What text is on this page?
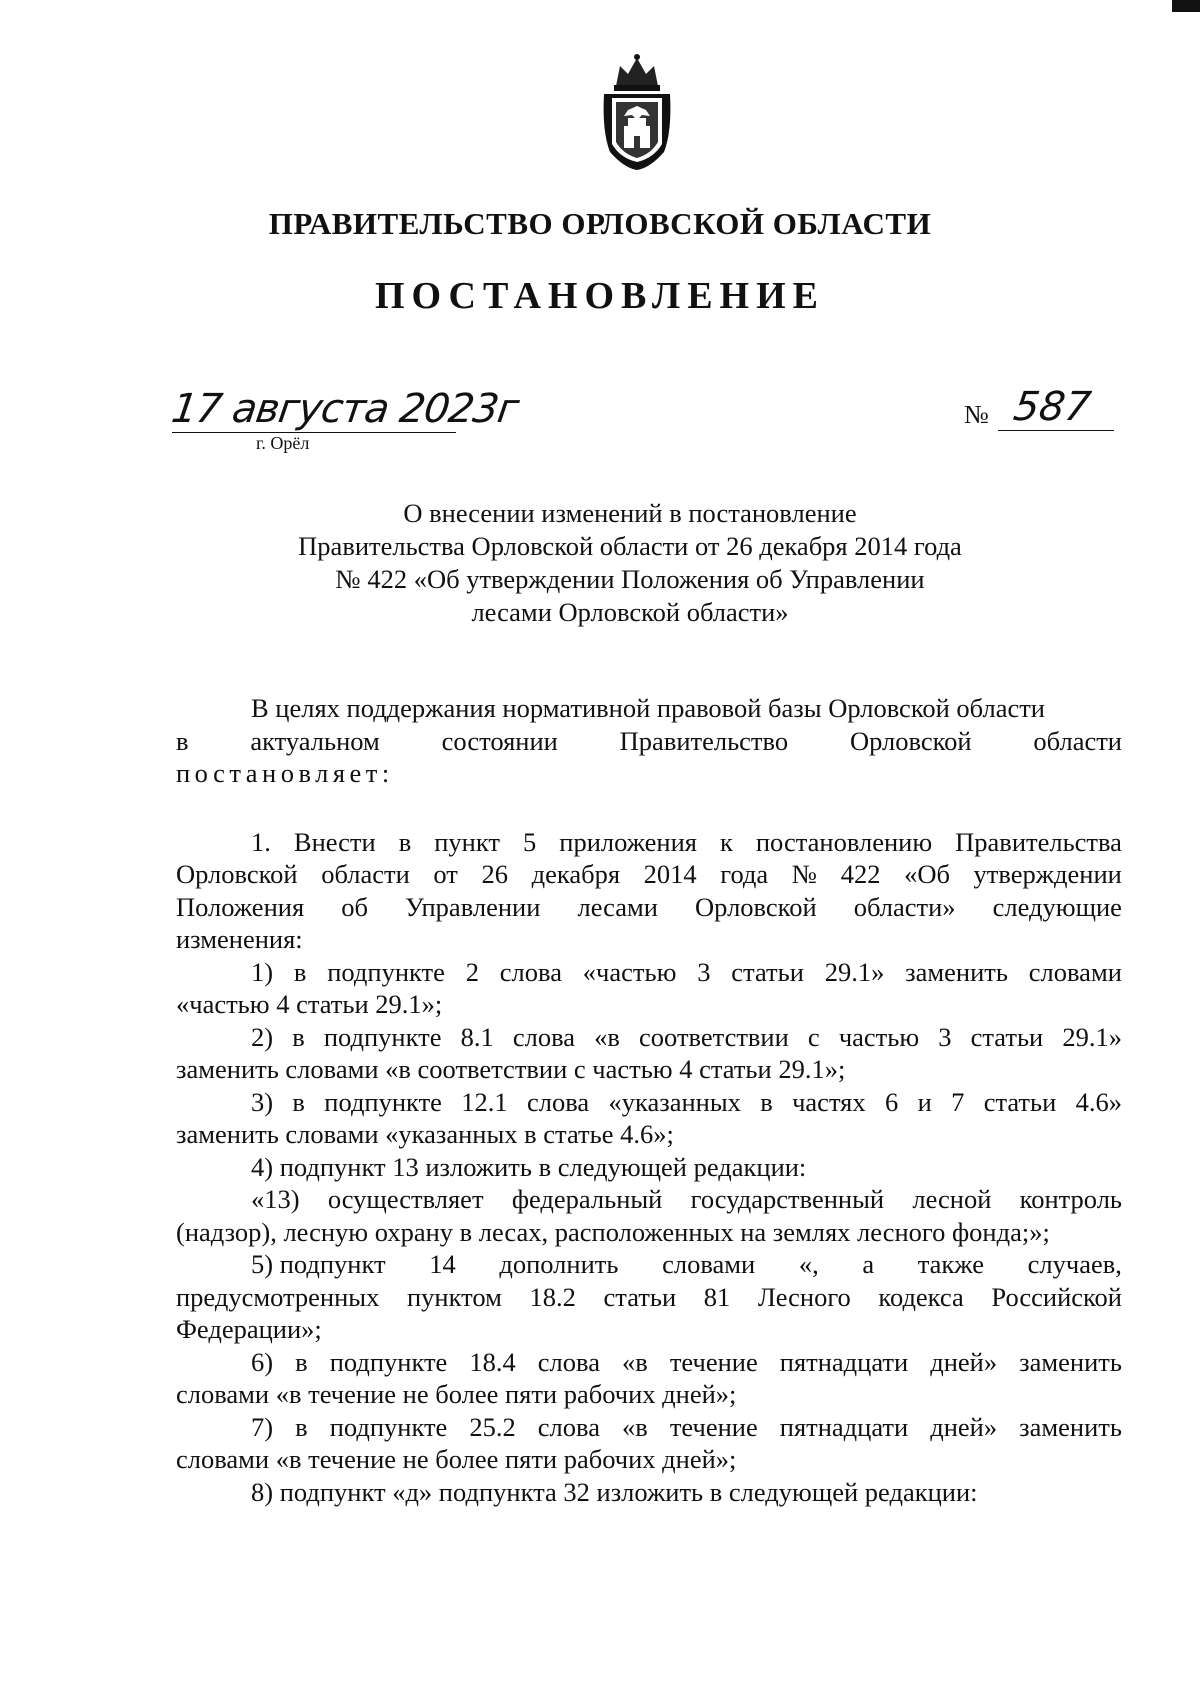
ПРАВИТЕЛЬСТВО ОРЛОВСКОЙ ОБЛАСТИ
ПОСТАНОВЛЕНИЕ
17 августа 2023г
г. Орёл
№ 587
О внесении изменений в постановление
Правительства Орловской области от 26 декабря 2014 года
№ 422 «Об утверждении Положения об Управлении
лесами Орловской области»
В целях поддержания нормативной правовой базы Орловской области
в актуальном состоянии Правительство Орловской области
постановляет:
1. Внести в пункт 5 приложения к постановлению Правительства
Орловской области от 26 декабря 2014 года № 422 «Об утверждении
Положения об Управлении лесами Орловской области» следующие
изменения:
1) в подпункте 2 слова «частью 3 статьи 29.1» заменить словами
«частью 4 статьи 29.1»;
2) в подпункте 8.1 слова «в соответствии с частью 3 статьи 29.1»
заменить словами «в соответствии с частью 4 статьи 29.1»;
3) в подпункте 12.1 слова «указанных в частях 6 и 7 статьи 4.6»
заменить словами «указанных в статье 4.6»;
4) подпункт 13 изложить в следующей редакции:
«13) осуществляет федеральный государственный лесной контроль
(надзор), лесную охрану в лесах, расположенных на землях лесного фонда;»;
5) подпункт 14 дополнить словами «, а также случаев,
предусмотренных пунктом 18.2 статьи 81 Лесного кодекса Российской
Федерации»;
6) в подпункте 18.4 слова «в течение пятнадцати дней» заменить
словами «в течение не более пяти рабочих дней»;
7) в подпункте 25.2 слова «в течение пятнадцати дней» заменить
словами «в течение не более пяти рабочих дней»;
8) подпункт «д» подпункта 32 изложить в следующей редакции:
